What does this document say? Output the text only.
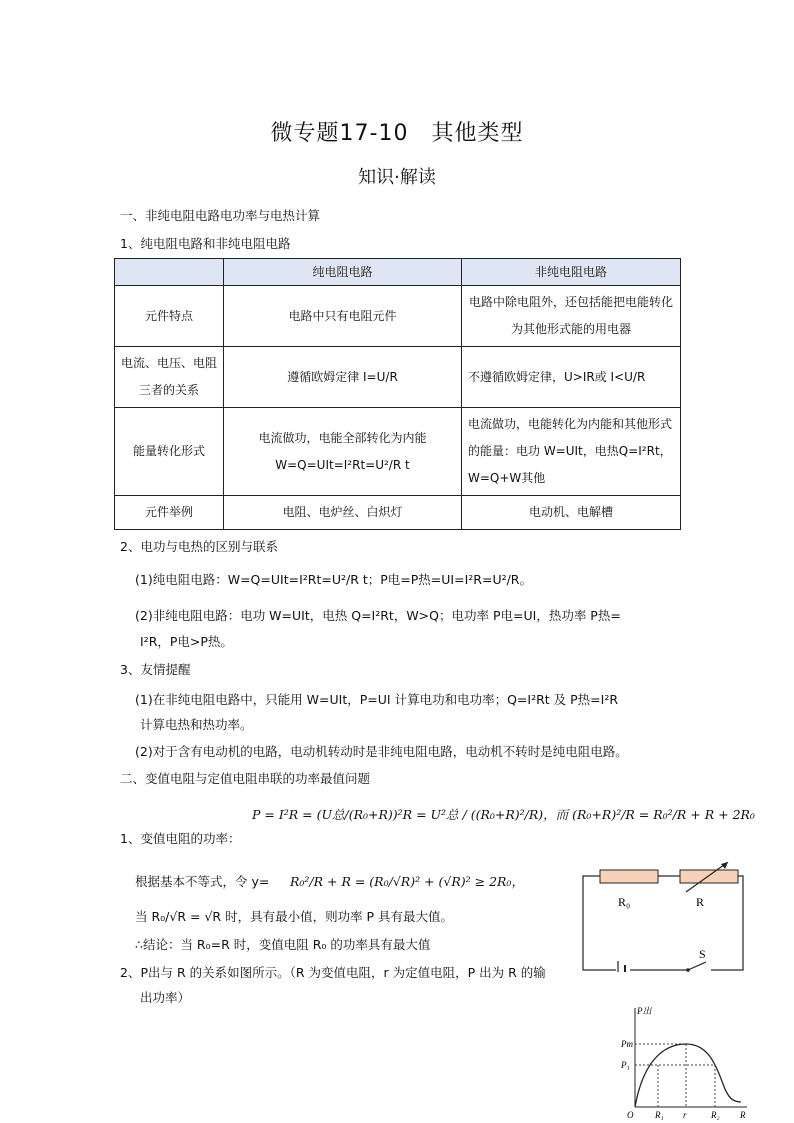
微专题17-10　其他类型
知识·解读
一、非纯电阻电路电功率与电热计算
1、纯电阻电路和非纯电阻电路
	纯电阻电路	非纯电阻电路
元件特点	电路中只有电阻元件	电路中除电阻外，还包括能把电能转化为其他形式能的用电器
电流、电压、电阻三者的关系	遵循欧姆定律 I=U/R	不遵循欧姆定律，U>IR或 I<U/R
能量转化形式	电流做功，电能全部转化为内能W=Q=UIt=I²Rt=U²/R t	电流做功，电能转化为内能和其他形式的能量：电功 W=UIt，电热Q=I²Rt，W=Q+W其他
元件举例	电阻、电炉丝、白炽灯	电动机、电解槽
2、电功与电热的区别与联系
(1)纯电阻电路：W=Q=UIt=I²Rt=U²/R t；P电=P热=UI=I²R=U²/R。
(2)非纯电阻电路：电功 W=UIt，电热 Q=I²Rt，W>Q；电功率 P电=UI，热功率 P热=
I²R，P电>P热。
3、友情提醒
(1)在非纯电阻电路中，只能用 W=UIt，P=UI 计算电功和电功率；Q=I²Rt 及 P热=I²R
计算电热和热功率。
(2)对于含有电动机的电路，电动机转动时是非纯电阻电路，电动机不转时是纯电阻电路。
二、变值电阻与定值电阻串联的功率最值问题
P = I²R = (U总/(R₀+R))²R = U²总 / ((R₀+R)²/R)，而 (R₀+R)²/R = R₀²/R + R + 2R₀
1、变值电阻的功率：
根据基本不等式，令 y= R₀²/R + R = (R₀/√R)² + (√R)² ≥ 2R₀，
当 R₀/√R = √R 时，具有最小值，则功率 P 具有最大值。
∴结论：当 R₀=R 时，变值电阻 R₀ 的功率具有最大值
2、P出与 R 的关系如图所示。（R 为变值电阻，r 为定值电阻，P 出为 R 的输
出功率）
R₀	R
S
P出
Pm
P₁
O R₁ r	R₂ R
